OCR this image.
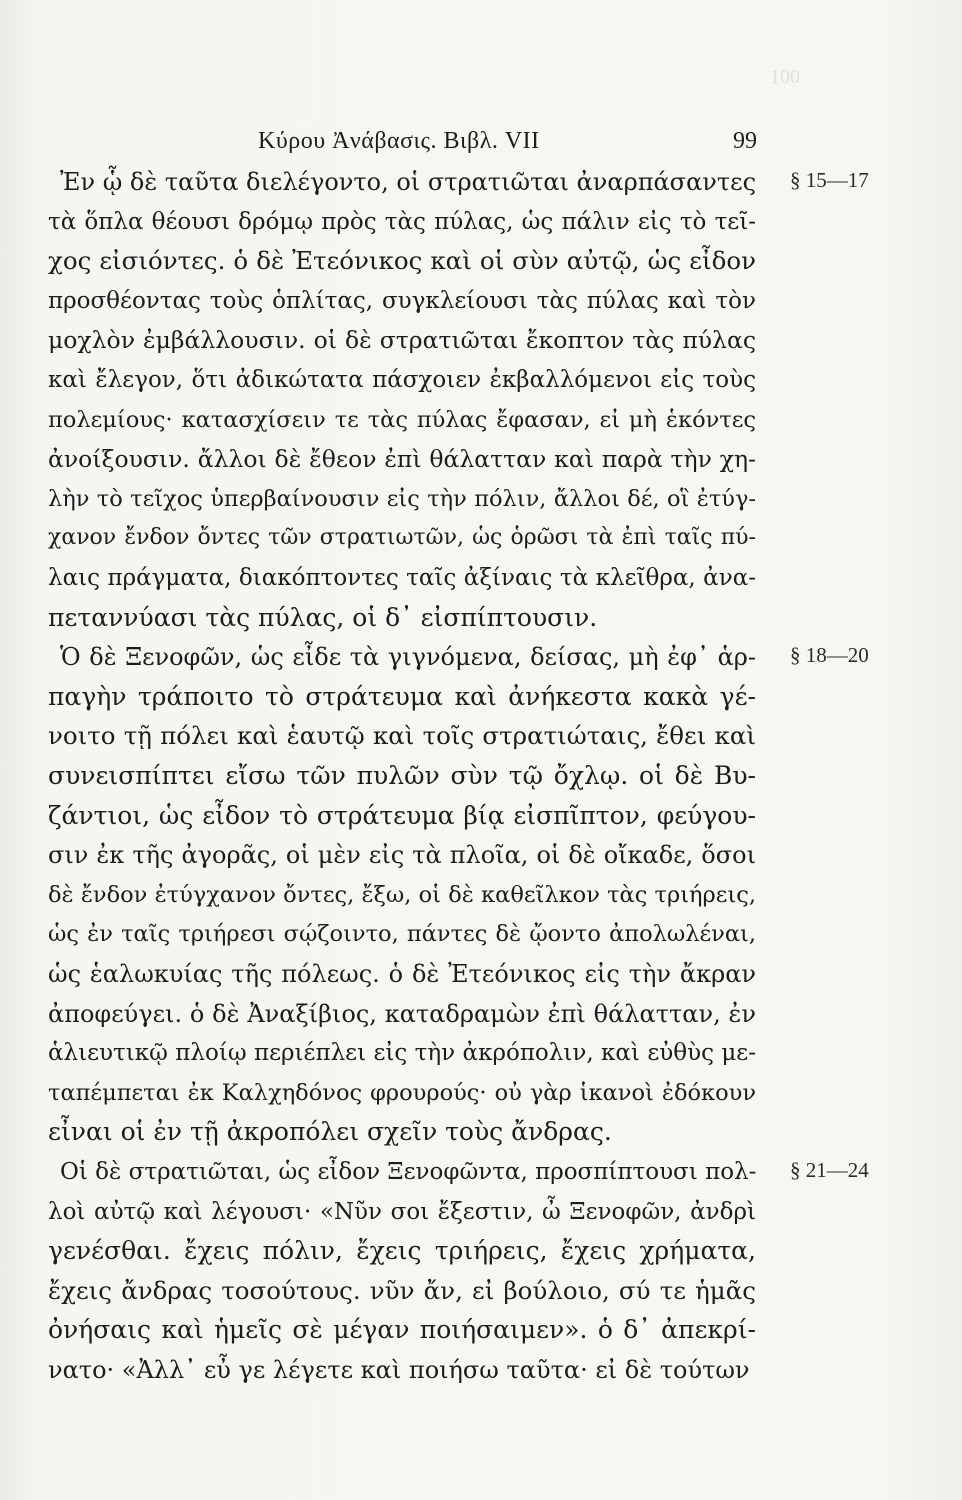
100
Κύρου Ἀνάβασις. Βιβλ. VII	99
Ἐν ᾧ δὲ ταῦτα διελέγοντο, οἱ στρατιῶται ἀναρπάσαντες
τὰ ὅπλα θέουσι δρόμῳ πρὸς τὰς πύλας, ὡς πάλιν εἰς τὸ τεῖ-
χος εἰσιόντες. ὁ δὲ Ἐτεόνικος καὶ οἱ σὺν αὐτῷ, ὡς εἶδον
προσθέοντας τοὺς ὁπλίτας, συγκλείουσι τὰς πύλας καὶ τὸν
μοχλὸν ἐμβάλλουσιν. οἱ δὲ στρατιῶται ἔκοπτον τὰς πύλας
καὶ ἔλεγον, ὅτι ἀδικώτατα πάσχοιεν ἐκβαλλόμενοι εἰς τοὺς
πολεμίους· κατασχίσειν τε τὰς πύλας ἔφασαν, εἰ μὴ ἑκόντες
ἀνοίξουσιν. ἄλλοι δὲ ἔθεον ἐπὶ θάλατταν καὶ παρὰ τὴν χη-
λὴν τὸ τεῖχος ὑπερβαίνουσιν εἰς τὴν πόλιν, ἄλλοι δέ, οἳ ἐτύγ-
χανον ἔνδον ὄντες τῶν στρατιωτῶν, ὡς ὁρῶσι τὰ ἐπὶ ταῖς πύ-
λαις πράγματα, διακόπτοντες ταῖς ἀξίναις τὰ κλεῖθρα, ἀνα-
πεταννύασι τὰς πύλας, οἱ δ᾽ εἰσπίπτουσιν.
Ὁ δὲ Ξενοφῶν, ὡς εἶδε τὰ γιγνόμενα, δείσας, μὴ ἐφ᾽ ἁρ-
παγὴν τράποιτο τὸ στράτευμα καὶ ἀνήκεστα κακὰ γέ-
νοιτο τῇ πόλει καὶ ἑαυτῷ καὶ τοῖς στρατιώταις, ἔθει καὶ
συνεισπίπτει εἴσω τῶν πυλῶν σὺν τῷ ὄχλῳ. οἱ δὲ Βυ-
ζάντιοι, ὡς εἶδον τὸ στράτευμα βίᾳ εἰσπῖπτον, φεύγου-
σιν ἐκ τῆς ἀγορᾶς, οἱ μὲν εἰς τὰ πλοῖα, οἱ δὲ οἴκαδε, ὅσοι
δὲ ἔνδον ἐτύγχανον ὄντες, ἔξω, οἱ δὲ καθεῖλκον τὰς τριήρεις,
ὡς ἐν ταῖς τριήρεσι σῴζοιντο, πάντες δὲ ᾤοντο ἀπολωλέναι,
ὡς ἑαλωκυίας τῆς πόλεως. ὁ δὲ Ἐτεόνικος εἰς τὴν ἄκραν
ἀποφεύγει. ὁ δὲ Ἀναξίβιος, καταδραμὼν ἐπὶ θάλατταν, ἐν
ἁλιευτικῷ πλοίῳ περιέπλει εἰς τὴν ἀκρόπολιν, καὶ εὐθὺς με-
ταπέμπεται ἐκ Καλχηδόνος φρουρούς· οὐ γὰρ ἱκανοὶ ἐδόκουν
εἶναι οἱ ἐν τῇ ἀκροπόλει σχεῖν τοὺς ἄνδρας.
Οἱ δὲ στρατιῶται, ὡς εἶδον Ξενοφῶντα, προσπίπτουσι πολ-
λοὶ αὐτῷ καὶ λέγουσι· «Νῦν σοι ἔξεστιν, ὦ Ξενοφῶν, ἀνδρὶ
γενέσθαι. ἔχεις πόλιν, ἔχεις τριήρεις, ἔχεις χρήματα,
ἔχεις ἄνδρας τοσούτους. νῦν ἄν, εἰ βούλοιο, σύ τε ἡμᾶς
ὀνήσαις καὶ ἡμεῖς σὲ μέγαν ποιήσαιμεν». ὁ δ᾽ ἀπεκρί-
νατο· «Ἀλλ᾽ εὖ γε λέγετε καὶ ποιήσω ταῦτα· εἰ δὲ τούτων
§ 15—17
§ 18—20
§ 21—24
